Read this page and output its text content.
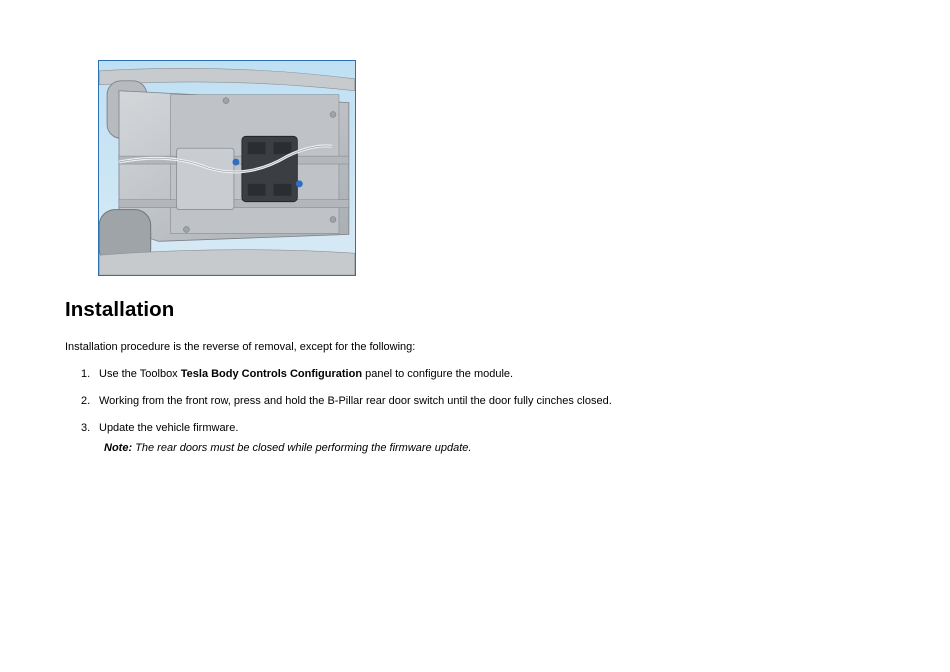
Installation

Installation procedure is the reverse of removal, except for the following:

1. Use the Toolbox Tesla Body Controls Configuration panel to configure the module.
2. Working from the front row, press and hold the B-Pillar rear door switch until the door fully cinches closed.
3. Update the vehicle firmware.
Note: The rear doors must be closed while performing the firmware update.
